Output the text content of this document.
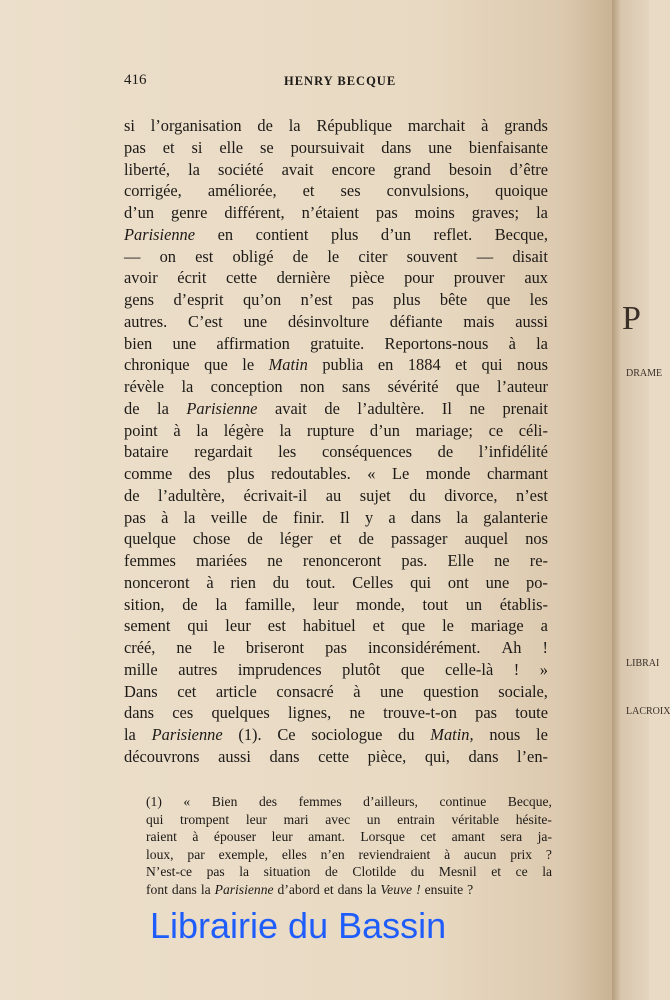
P
DRAME
LIBRAI
LACROIX
416	HENRY BECQUE
si l’organisation de la République marchait à grands
pas et si elle se poursuivait dans une bienfaisante
liberté, la société avait encore grand besoin d’être
corrigée, améliorée, et ses convulsions, quoique
d’un genre différent, n’étaient pas moins graves; la
Parisienne en contient plus d’un reflet. Becque,
— on est obligé de le citer souvent — disait
avoir écrit cette dernière pièce pour prouver aux
gens d’esprit qu’on n’est pas plus bête que les
autres. C’est une désinvolture défiante mais aussi
bien une affirmation gratuite. Reportons-nous à la
chronique que le Matin publia en 1884 et qui nous
révèle la conception non sans sévérité que l’auteur
de la Parisienne avait de l’adultère. Il ne prenait
point à la légère la rupture d’un mariage; ce céli-
bataire regardait les conséquences de l’infidélité
comme des plus redoutables. « Le monde charmant
de l’adultère, écrivait-il au sujet du divorce, n’est
pas à la veille de finir. Il y a dans la galanterie
quelque chose de léger et de passager auquel nos
femmes mariées ne renonceront pas. Elle ne re-
nonceront à rien du tout. Celles qui ont une po-
sition, de la famille, leur monde, tout un établis-
sement qui leur est habituel et que le mariage a
créé, ne le briseront pas inconsidérément. Ah !
mille autres imprudences plutôt que celle-là ! »
Dans cet article consacré à une question sociale,
dans ces quelques lignes, ne trouve-t-on pas toute
la Parisienne (1). Ce sociologue du Matin, nous le
découvrons aussi dans cette pièce, qui, dans l’en-
(1) « Bien des femmes d’ailleurs, continue Becque,
qui trompent leur mari avec un entrain véritable hésite-
raient à épouser leur amant. Lorsque cet amant sera ja-
loux, par exemple, elles n’en reviendraient à aucun prix ?
N’est-ce pas la situation de Clotilde du Mesnil et ce la
font dans la Parisienne d’abord et dans la Veuve ! ensuite ?
Librairie du Bassin
